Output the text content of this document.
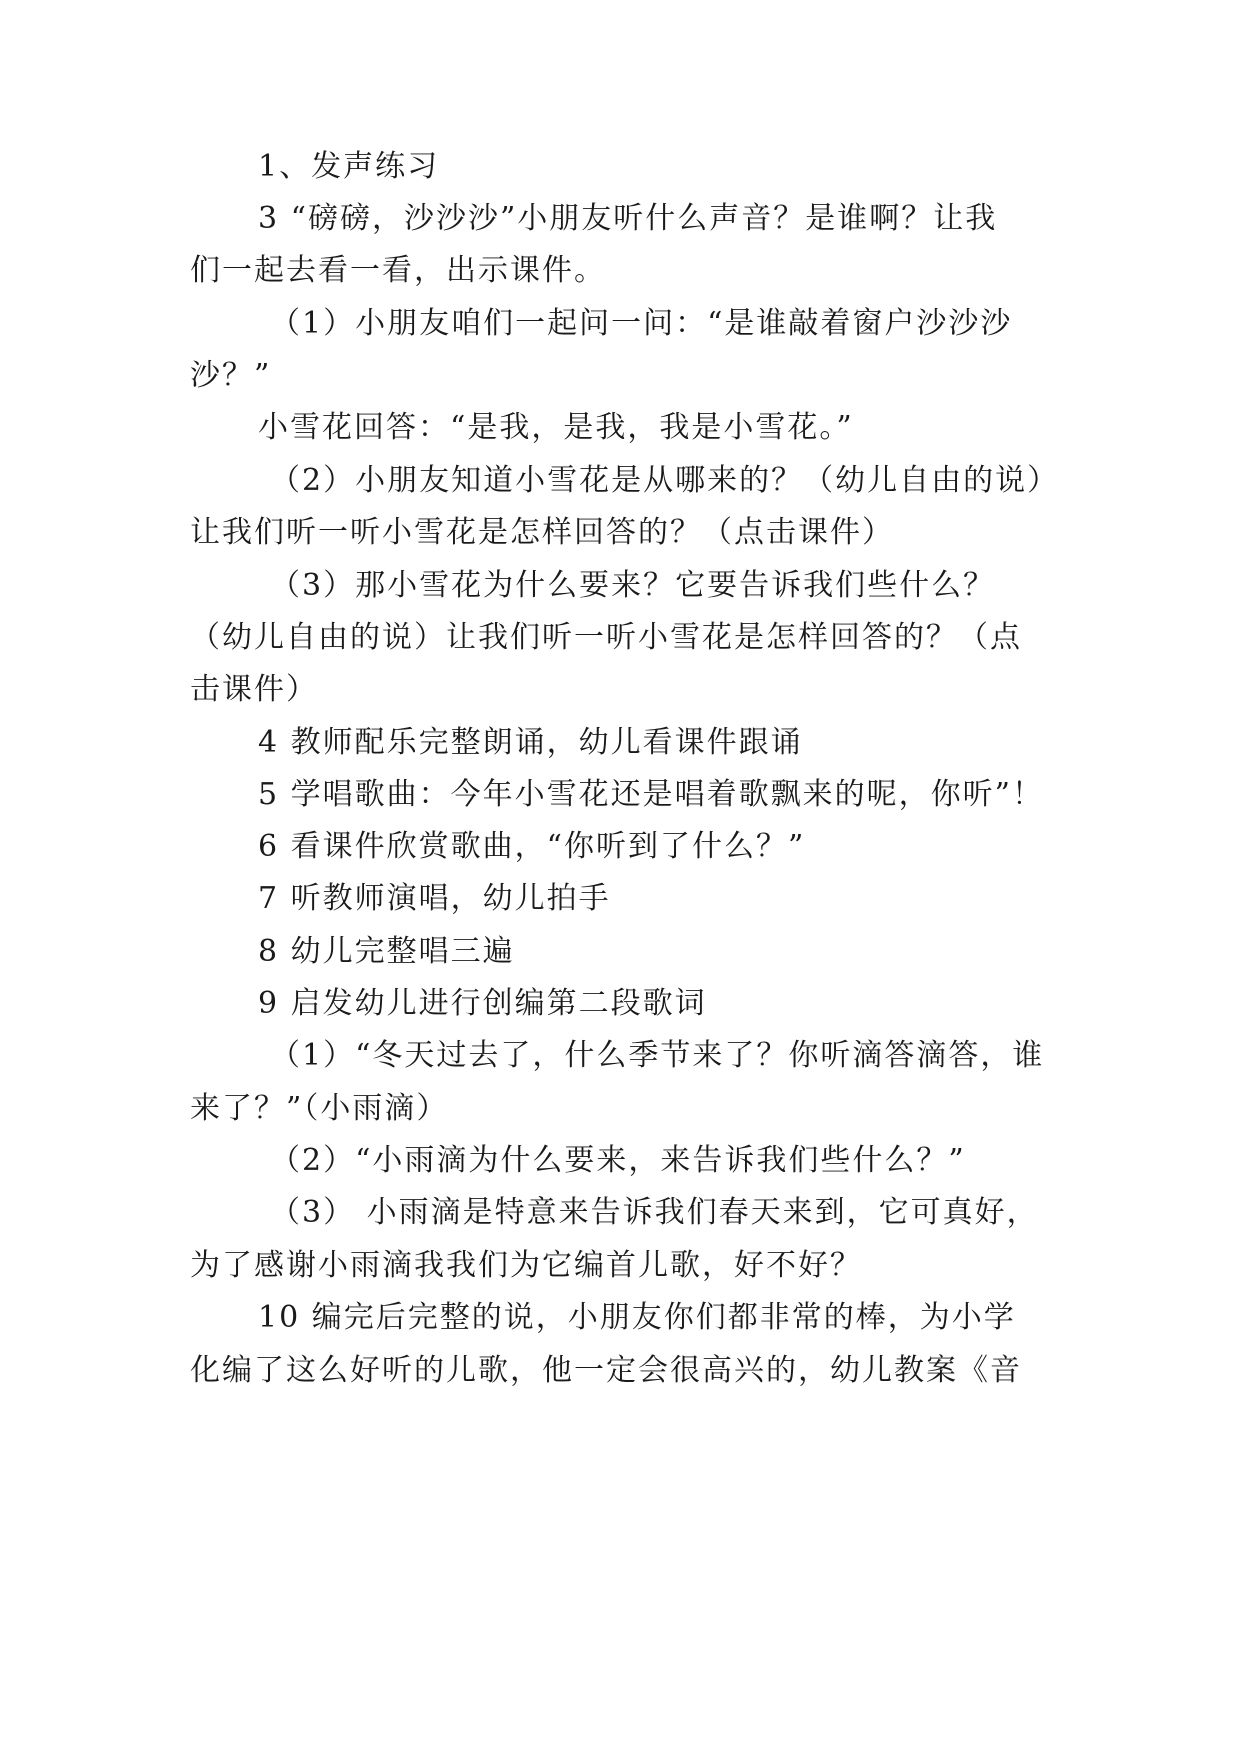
1、发声练习
3 “磅磅，沙沙沙”小朋友听什么声音？是谁啊？让我
们一起去看一看，出示课件。
（1）小朋友咱们一起问一问：“是谁敲着窗户沙沙沙
沙？”
小雪花回答：“是我，是我，我是小雪花。”
（2）小朋友知道小雪花是从哪来的？（幼儿自由的说）
让我们听一听小雪花是怎样回答的？（点击课件）
（3）那小雪花为什么要来？它要告诉我们些什么？
（幼儿自由的说）让我们听一听小雪花是怎样回答的？（点
击课件）
4 教师配乐完整朗诵，幼儿看课件跟诵
5 学唱歌曲：今年小雪花还是唱着歌飘来的呢，你听”！
6 看课件欣赏歌曲，“你听到了什么？”
7 听教师演唱，幼儿拍手
8 幼儿完整唱三遍
9 启发幼儿进行创编第二段歌词
（1）“冬天过去了，什么季节来了？你听滴答滴答，谁
来了？”（小雨滴）
（2）“小雨滴为什么要来，来告诉我们些什么？”
（3） 小雨滴是特意来告诉我们春天来到，它可真好，
为了感谢小雨滴我我们为它编首儿歌，好不好？
10 编完后完整的说，小朋友你们都非常的棒，为小学
化编了这么好听的儿歌，他一定会很高兴的，幼儿教案《音
